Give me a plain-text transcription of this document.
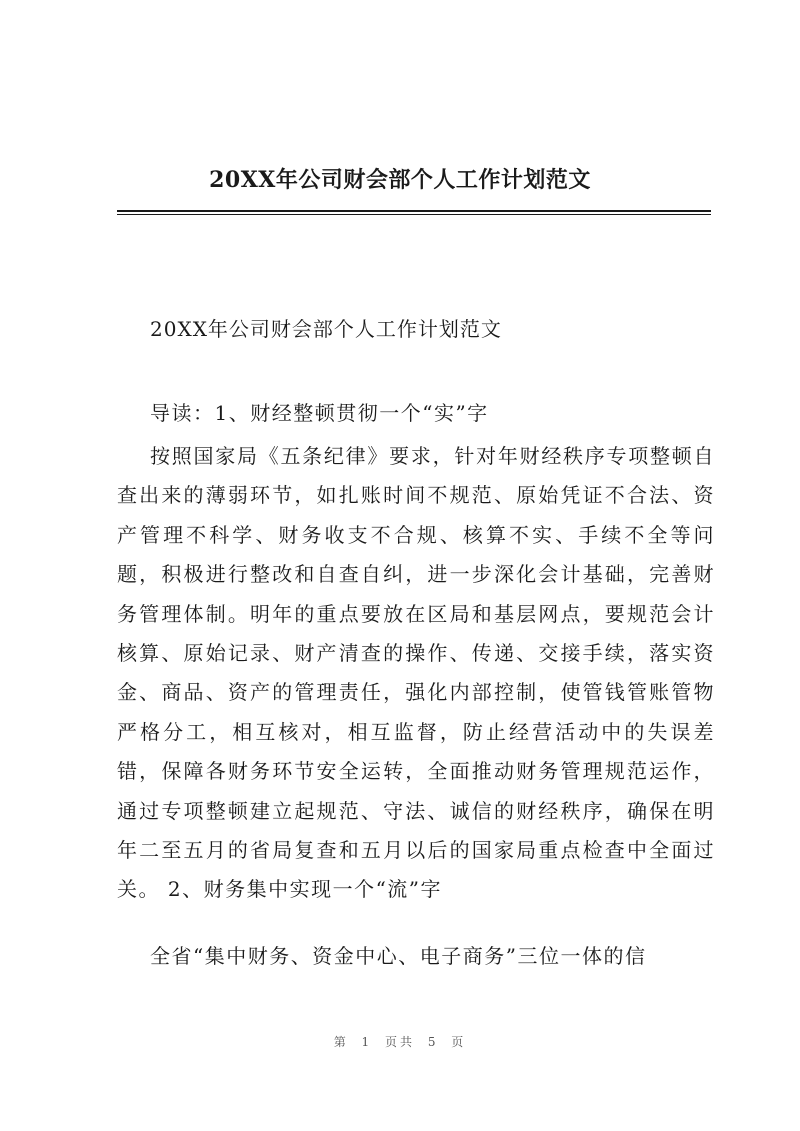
20XX年公司财会部个人工作计划范文
20XX年公司财会部个人工作计划范文
导读：1、财经整顿贯彻一个“实”字
按照国家局《五条纪律》要求，针对年财经秩序专项整顿自查出来的薄弱环节，如扎账时间不规范、原始凭证不合法、资产管理不科学、财务收支不合规、核算不实、手续不全等问题，积极进行整改和自查自纠，进一步深化会计基础，完善财务管理体制。明年的重点要放在区局和基层网点，要规范会计核算、原始记录、财产清查的操作、传递、交接手续，落实资金、商品、资产的管理责任，强化内部控制，使管钱管账管物严格分工，相互核对，相互监督，防止经营活动中的失误差错，保障各财务环节安全运转，全面推动财务管理规范运作，通过专项整顿建立起规范、守法、诚信的财经秩序，确保在明年二至五月的省局复查和五月以后的国家局重点检查中全面过关。 2、财务集中实现一个“流”字
全省“集中财务、资金中心、电子商务”三位一体的信
第 1 页共 5 页
